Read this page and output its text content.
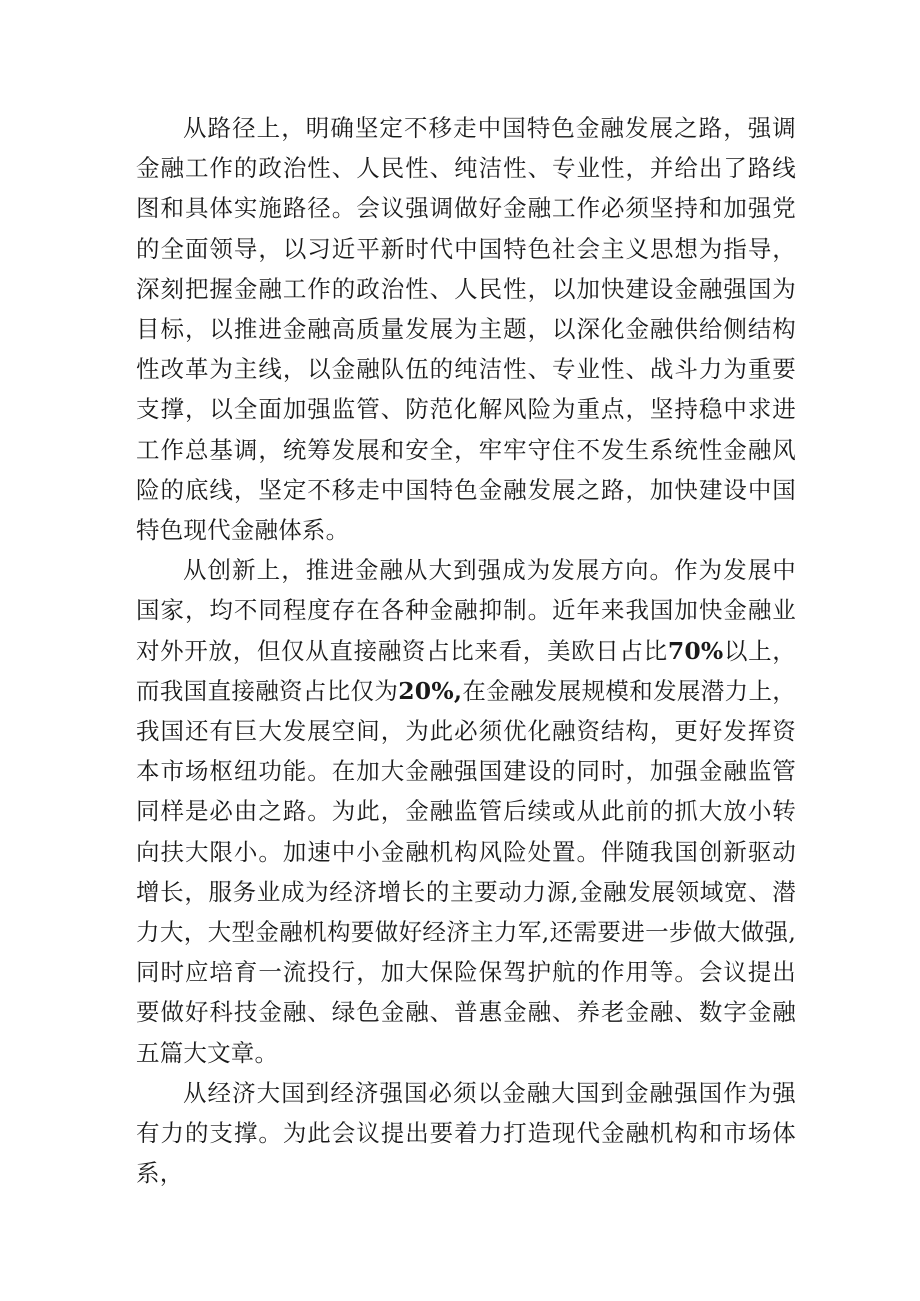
从路径上，明确坚定不移走中国特色金融发展之路，强调金融工作的政治性、人民性、纯洁性、专业性，并给出了路线图和具体实施路径。会议强调做好金融工作必须坚持和加强党的全面领导，以习近平新时代中国特色社会主义思想为指导，深刻把握金融工作的政治性、人民性，以加快建设金融强国为目标，以推进金融高质量发展为主题，以深化金融供给侧结构性改革为主线，以金融队伍的纯洁性、专业性、战斗力为重要支撑，以全面加强监管、防范化解风险为重点，坚持稳中求进工作总基调，统筹发展和安全，牢牢守住不发生系统性金融风险的底线，坚定不移走中国特色金融发展之路，加快建设中国特色现代金融体系。

从创新上，推进金融从大到强成为发展方向。作为发展中国家，均不同程度存在各种金融抑制。近年来我国加快金融业对外开放，但仅从直接融资占比来看，美欧日占比70%以上，而我国直接融资占比仅为20%,在金融发展规模和发展潜力上，我国还有巨大发展空间，为此必须优化融资结构，更好发挥资本市场枢纽功能。在加大金融强国建设的同时，加强金融监管同样是必由之路。为此，金融监管后续或从此前的抓大放小转向扶大限小。加速中小金融机构风险处置。伴随我国创新驱动增长，服务业成为经济增长的主要动力源,金融发展领域宽、潜力大，大型金融机构要做好经济主力军,还需要进一步做大做强,同时应培育一流投行，加大保险保驾护航的作用等。会议提出要做好科技金融、绿色金融、普惠金融、养老金融、数字金融五篇大文章。

从经济大国到经济强国必须以金融大国到金融强国作为强有力的支撑。为此会议提出要着力打造现代金融机构和市场体系，
